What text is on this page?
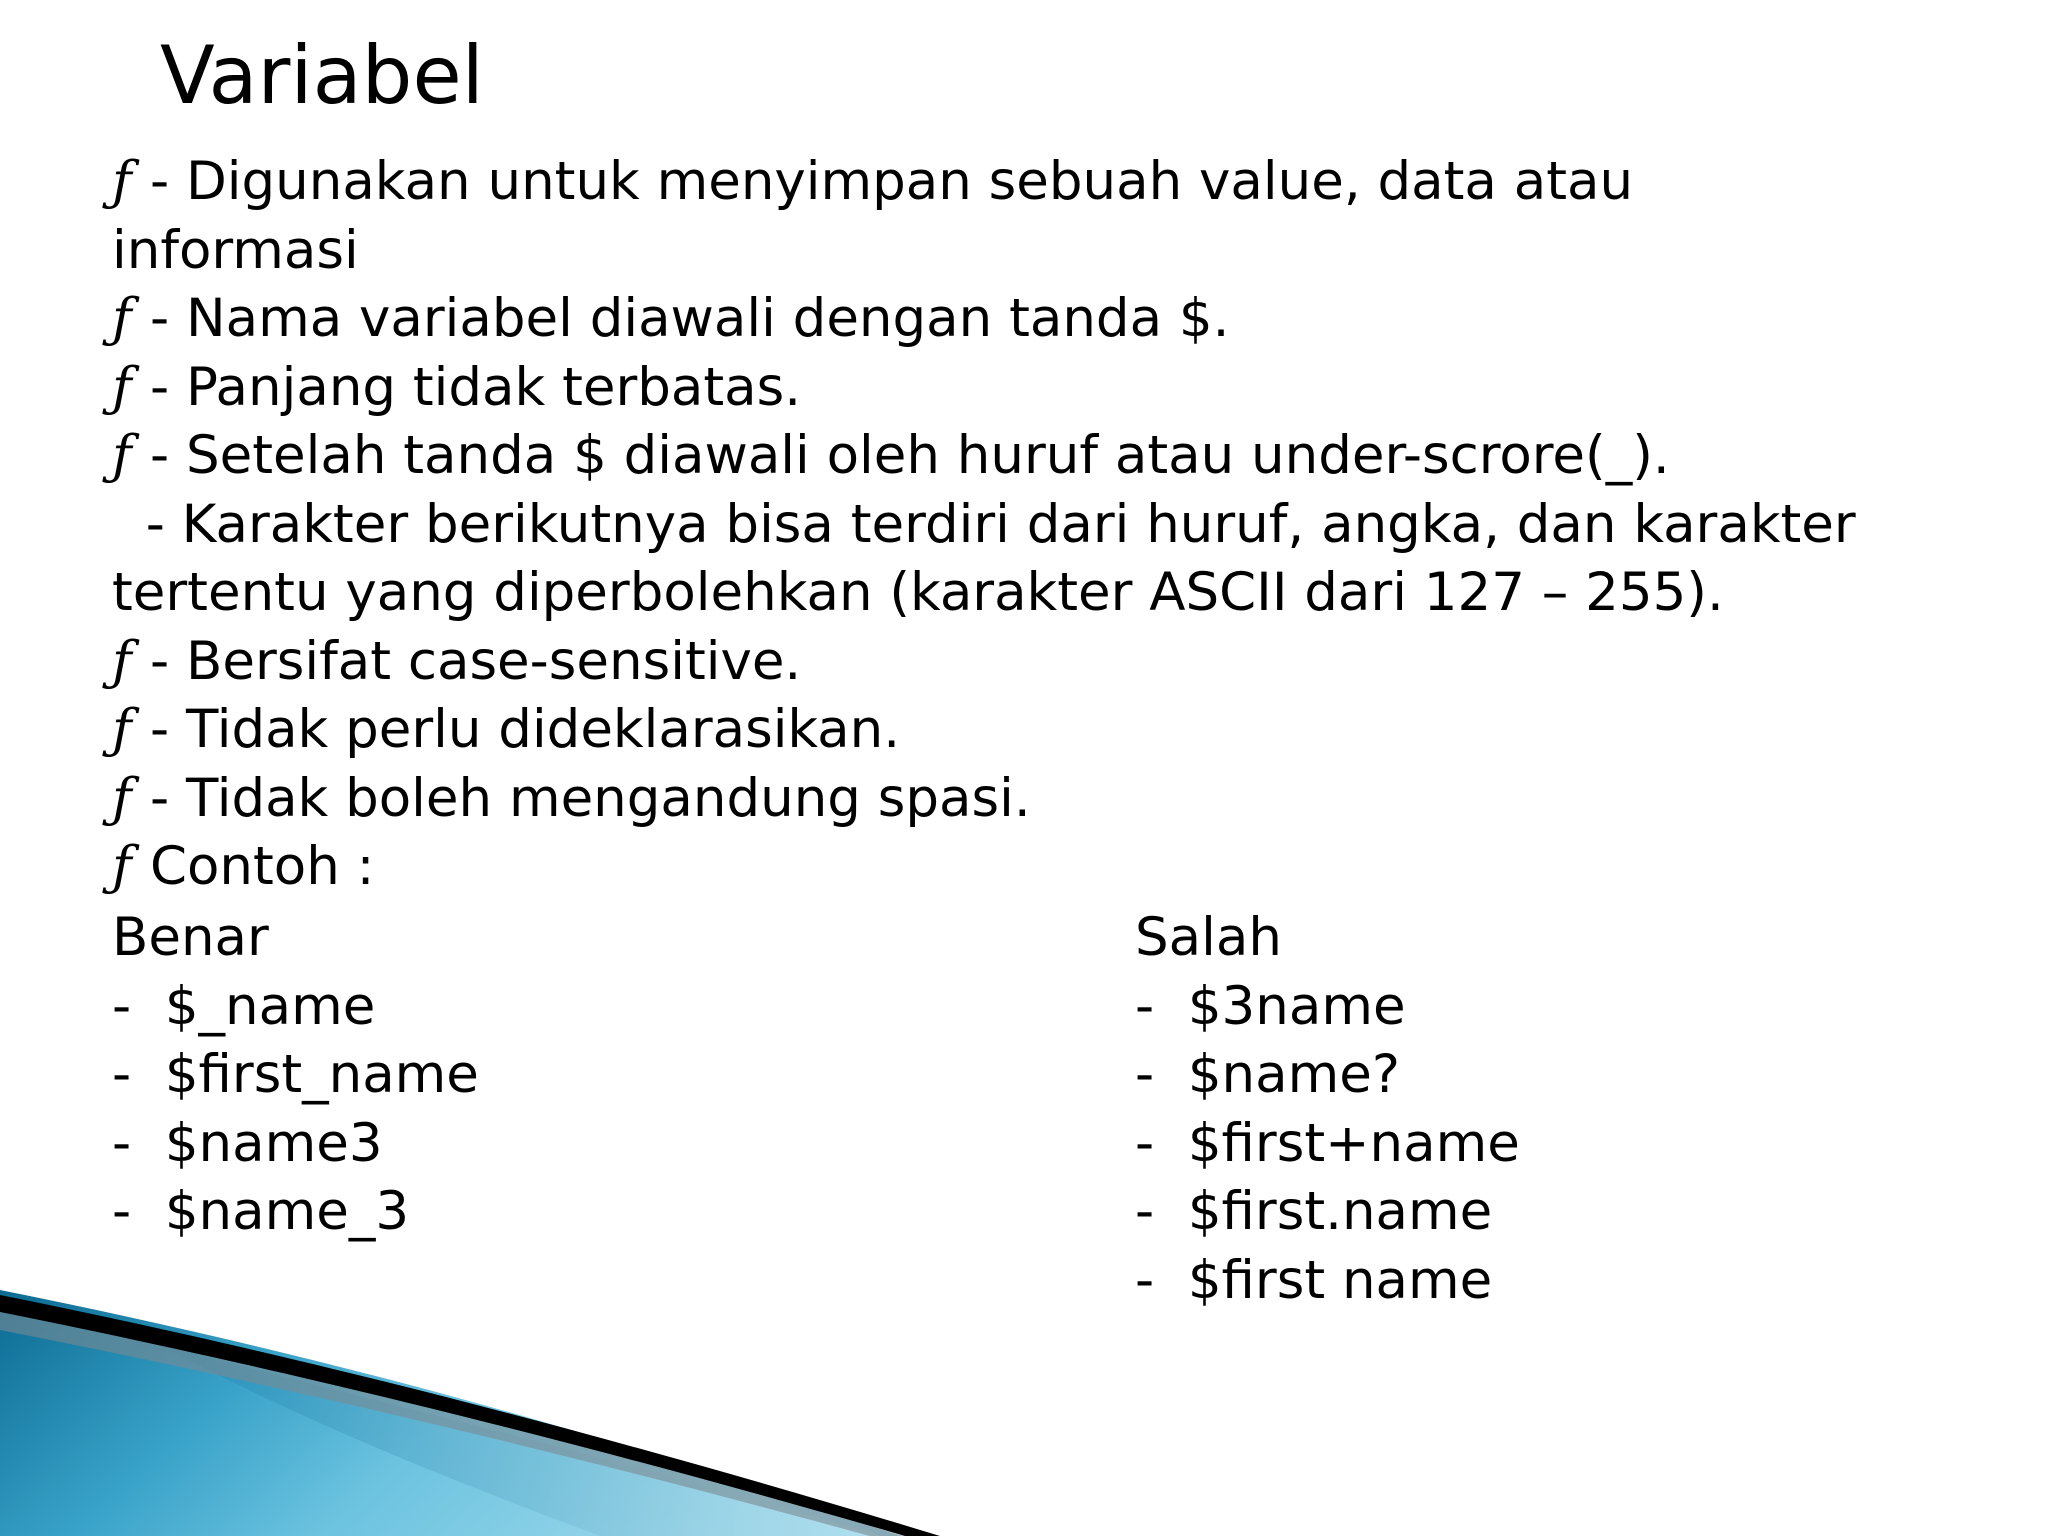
Variabel
ƒ - Digunakan untuk menyimpan sebuah value, data atau
informasi
ƒ - Nama variabel diawali dengan tanda $.
ƒ - Panjang tidak terbatas.
ƒ - Setelah tanda $ diawali oleh huruf atau under-scrore(_).
- Karakter berikutnya bisa terdiri dari huruf, angka, dan karakter
tertentu yang diperbolehkan (karakter ASCII dari 127 – 255).
ƒ - Bersifat case-sensitive.
ƒ - Tidak perlu dideklarasikan.
ƒ - Tidak boleh mengandung spasi.
ƒ Contoh :
Benar
-  $_name
-  $first_name
-  $name3
-  $name_3
Salah
-  $3name
-  $name?
-  $first+name
-  $first.name
-  $first name
